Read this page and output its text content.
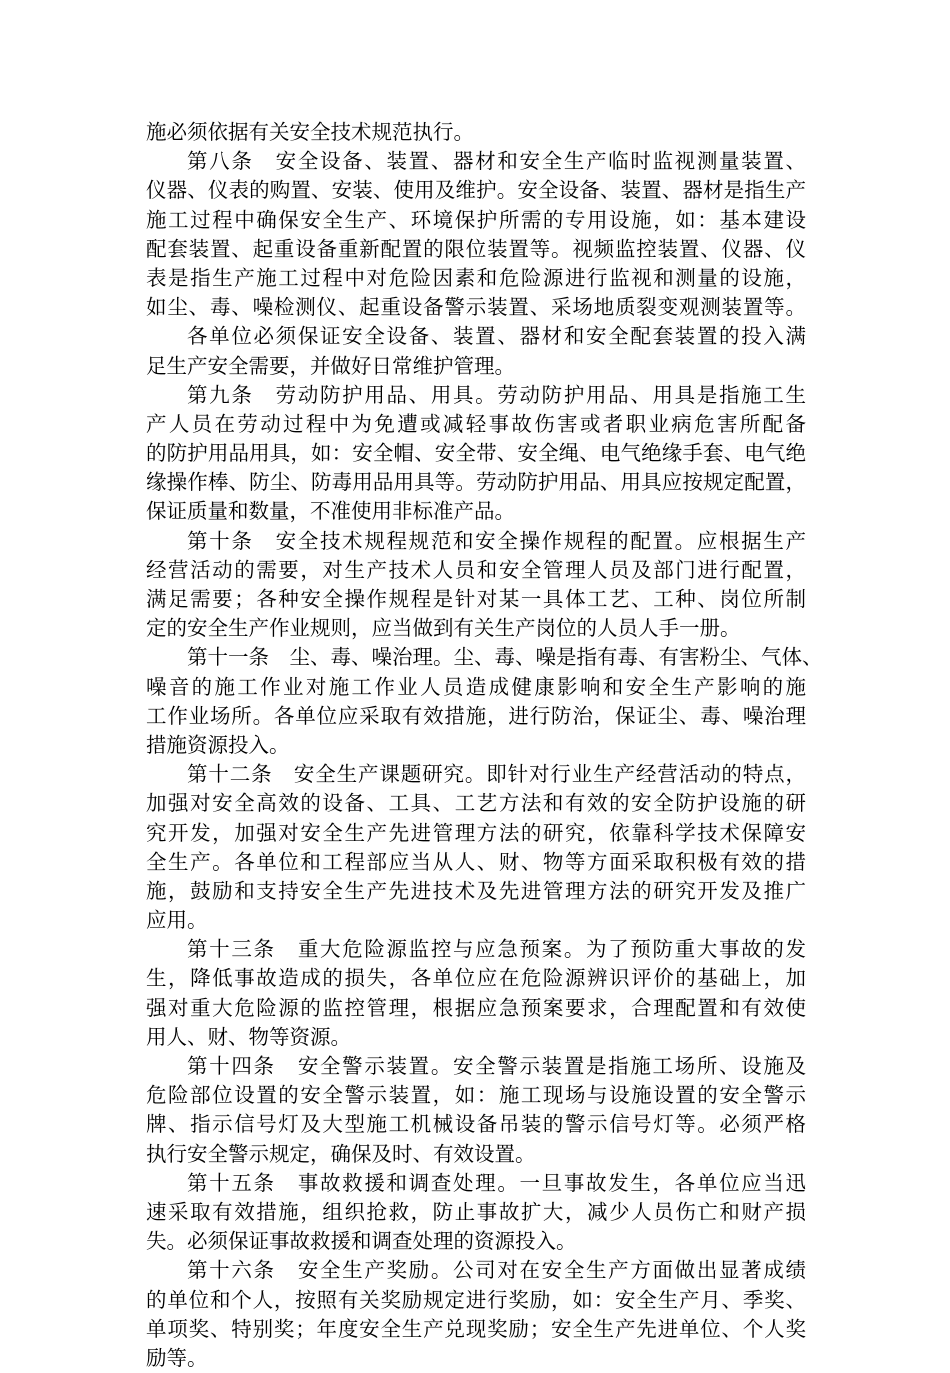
施必须依据有关安全技术规范执行。
第八条　安全设备、装置、器材和安全生产临时监视测量装置、
仪器、仪表的购置、安装、使用及维护。安全设备、装置、器材是指生产
施工过程中确保安全生产、环境保护所需的专用设施，如：基本建设
配套装置、起重设备重新配置的限位装置等。视频监控装置、仪器、仪
表是指生产施工过程中对危险因素和危险源进行监视和测量的设施，
如尘、毒、噪检测仪、起重设备警示装置、采场地质裂变观测装置等。
各单位必须保证安全设备、装置、器材和安全配套装置的投入满
足生产安全需要，并做好日常维护管理。
第九条　劳动防护用品、用具。劳动防护用品、用具是指施工生
产人员在劳动过程中为免遭或减轻事故伤害或者职业病危害所配备
的防护用品用具，如：安全帽、安全带、安全绳、电气绝缘手套、电气绝
缘操作棒、防尘、防毒用品用具等。劳动防护用品、用具应按规定配置，
保证质量和数量，不准使用非标准产品。
第十条　安全技术规程规范和安全操作规程的配置。应根据生产
经营活动的需要，对生产技术人员和安全管理人员及部门进行配置，
满足需要；各种安全操作规程是针对某一具体工艺、工种、岗位所制
定的安全生产作业规则，应当做到有关生产岗位的人员人手一册。
第十一条　尘、毒、噪治理。尘、毒、噪是指有毒、有害粉尘、气体、
噪音的施工作业对施工作业人员造成健康影响和安全生产影响的施
工作业场所。各单位应采取有效措施，进行防治，保证尘、毒、噪治理
措施资源投入。
第十二条　安全生产课题研究。即针对行业生产经营活动的特点，
加强对安全高效的设备、工具、工艺方法和有效的安全防护设施的研
究开发，加强对安全生产先进管理方法的研究，依靠科学技术保障安
全生产。各单位和工程部应当从人、财、物等方面采取积极有效的措
施，鼓励和支持安全生产先进技术及先进管理方法的研究开发及推广
应用。
第十三条　重大危险源监控与应急预案。为了预防重大事故的发
生，降低事故造成的损失，各单位应在危险源辨识评价的基础上，加
强对重大危险源的监控管理，根据应急预案要求，合理配置和有效使
用人、财、物等资源。
第十四条　安全警示装置。安全警示装置是指施工场所、设施及
危险部位设置的安全警示装置，如：施工现场与设施设置的安全警示
牌、指示信号灯及大型施工机械设备吊装的警示信号灯等。必须严格
执行安全警示规定，确保及时、有效设置。
第十五条　事故救援和调查处理。一旦事故发生，各单位应当迅
速采取有效措施，组织抢救，防止事故扩大，减少人员伤亡和财产损
失。必须保证事故救援和调查处理的资源投入。
第十六条　安全生产奖励。公司对在安全生产方面做出显著成绩
的单位和个人，按照有关奖励规定进行奖励，如：安全生产月、季奖、
单项奖、特别奖；年度安全生产兑现奖励；安全生产先进单位、个人奖
励等。
